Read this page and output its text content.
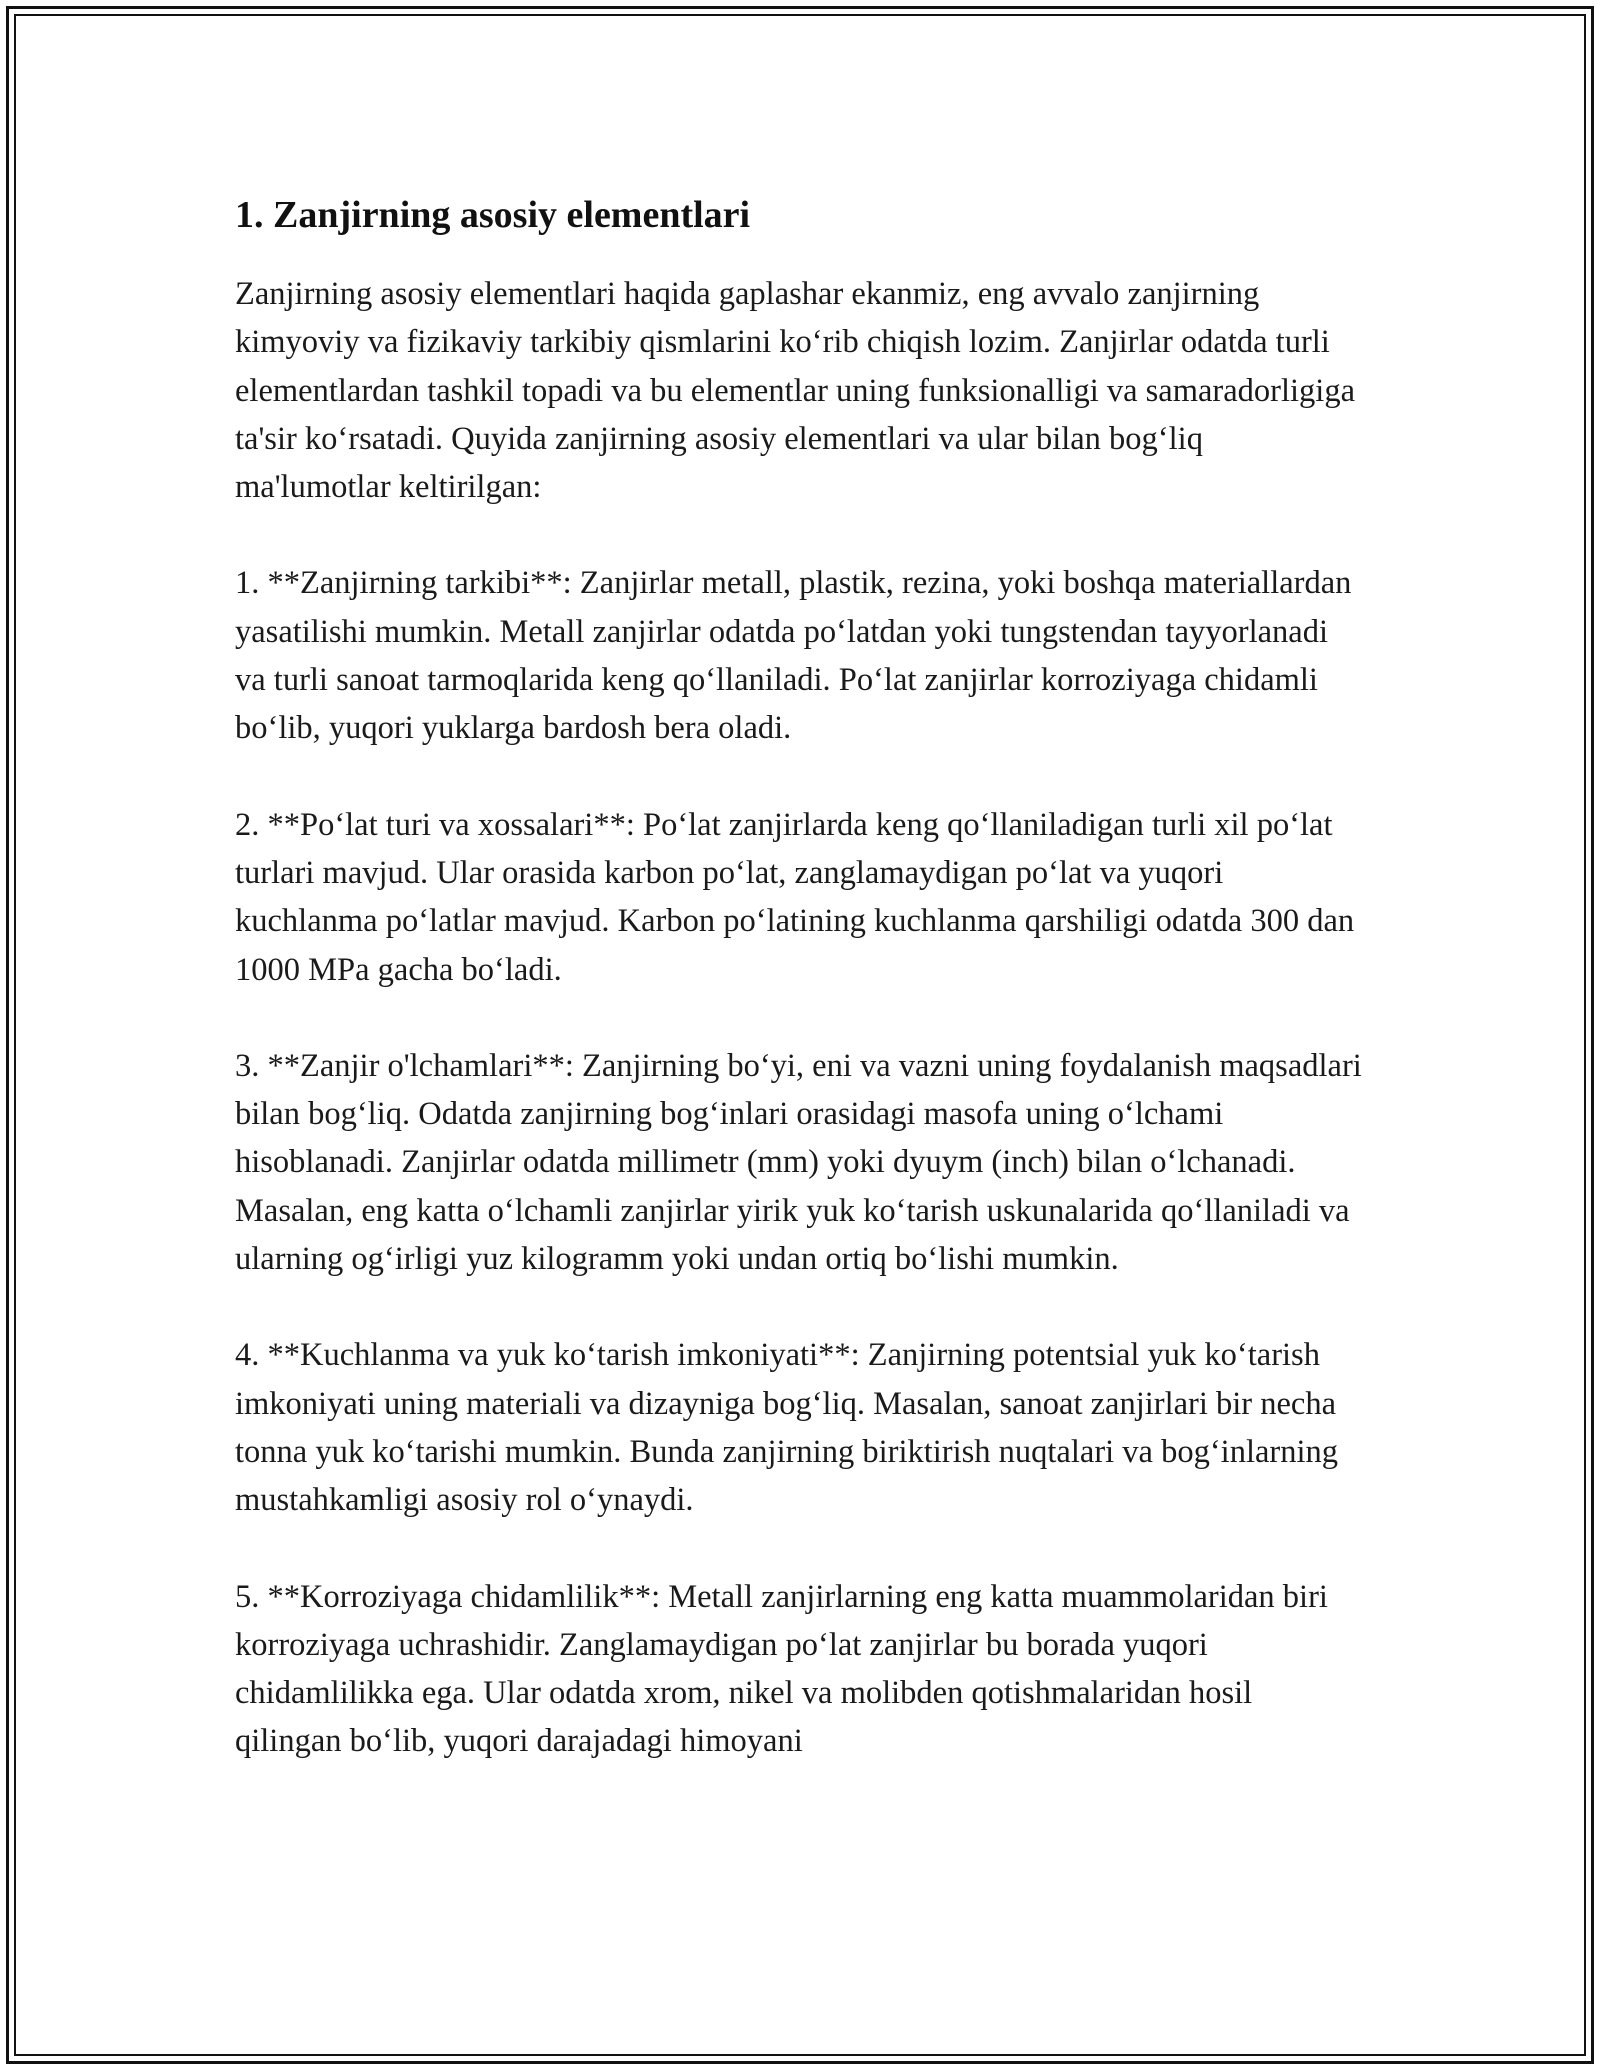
1. Zanjirning asosiy elementlari

Zanjirning asosiy elementlari haqida gaplashar ekanmiz, eng avvalo zanjirning kimyoviy va fizikaviy tarkibiy qismlarini ko‘rib chiqish lozim. Zanjirlar odatda turli elementlardan tashkil topadi va bu elementlar uning funksionalligi va samaradorligiga ta'sir ko‘rsatadi. Quyida zanjirning asosiy elementlari va ular bilan bog‘liq ma'lumotlar keltirilgan:

1. **Zanjirning tarkibi**: Zanjirlar metall, plastik, rezina, yoki boshqa materiallardan yasatilishi mumkin. Metall zanjirlar odatda po‘latdan yoki tungstendan tayyorlanadi va turli sanoat tarmoqlarida keng qo‘llaniladi. Po‘lat zanjirlar korroziyaga chidamli bo‘lib, yuqori yuklarga bardosh bera oladi.

2. **Po‘lat turi va xossalari**: Po‘lat zanjirlarda keng qo‘llaniladigan turli xil po‘lat turlari mavjud. Ular orasida karbon po‘lat, zanglamaydigan po‘lat va yuqori kuchlanma po‘latlar mavjud. Karbon po‘latining kuchlanma qarshiligi odatda 300 dan 1000 MPa gacha bo‘ladi.

3. **Zanjir o'lchamlari**: Zanjirning bo‘yi, eni va vazni uning foydalanish maqsadlari bilan bog‘liq. Odatda zanjirning bog‘inlari orasidagi masofa uning o‘lchami hisoblanadi. Zanjirlar odatda millimetr (mm) yoki dyuym (inch) bilan o‘lchanadi. Masalan, eng katta o‘lchamli zanjirlar yirik yuk ko‘tarish uskunalarida qo‘llaniladi va ularning og‘irligi yuz kilogramm yoki undan ortiq bo‘lishi mumkin.

4. **Kuchlanma va yuk ko‘tarish imkoniyati**: Zanjirning potentsial yuk ko‘tarish imkoniyati uning materiali va dizayniga bog‘liq. Masalan, sanoat zanjirlari bir necha tonna yuk ko‘tarishi mumkin. Bunda zanjirning biriktirish nuqtalari va bog‘inlarning mustahkamligi asosiy rol o‘ynaydi.

5. **Korroziyaga chidamlilik**: Metall zanjirlarning eng katta muammolaridan biri korroziyaga uchrashidir. Zanglamaydigan po‘lat zanjirlar bu borada yuqori chidamlilikka ega. Ular odatda xrom, nikel va molibden qotishmalaridan hosil qilingan bo‘lib, yuqori darajadagi himoyani
